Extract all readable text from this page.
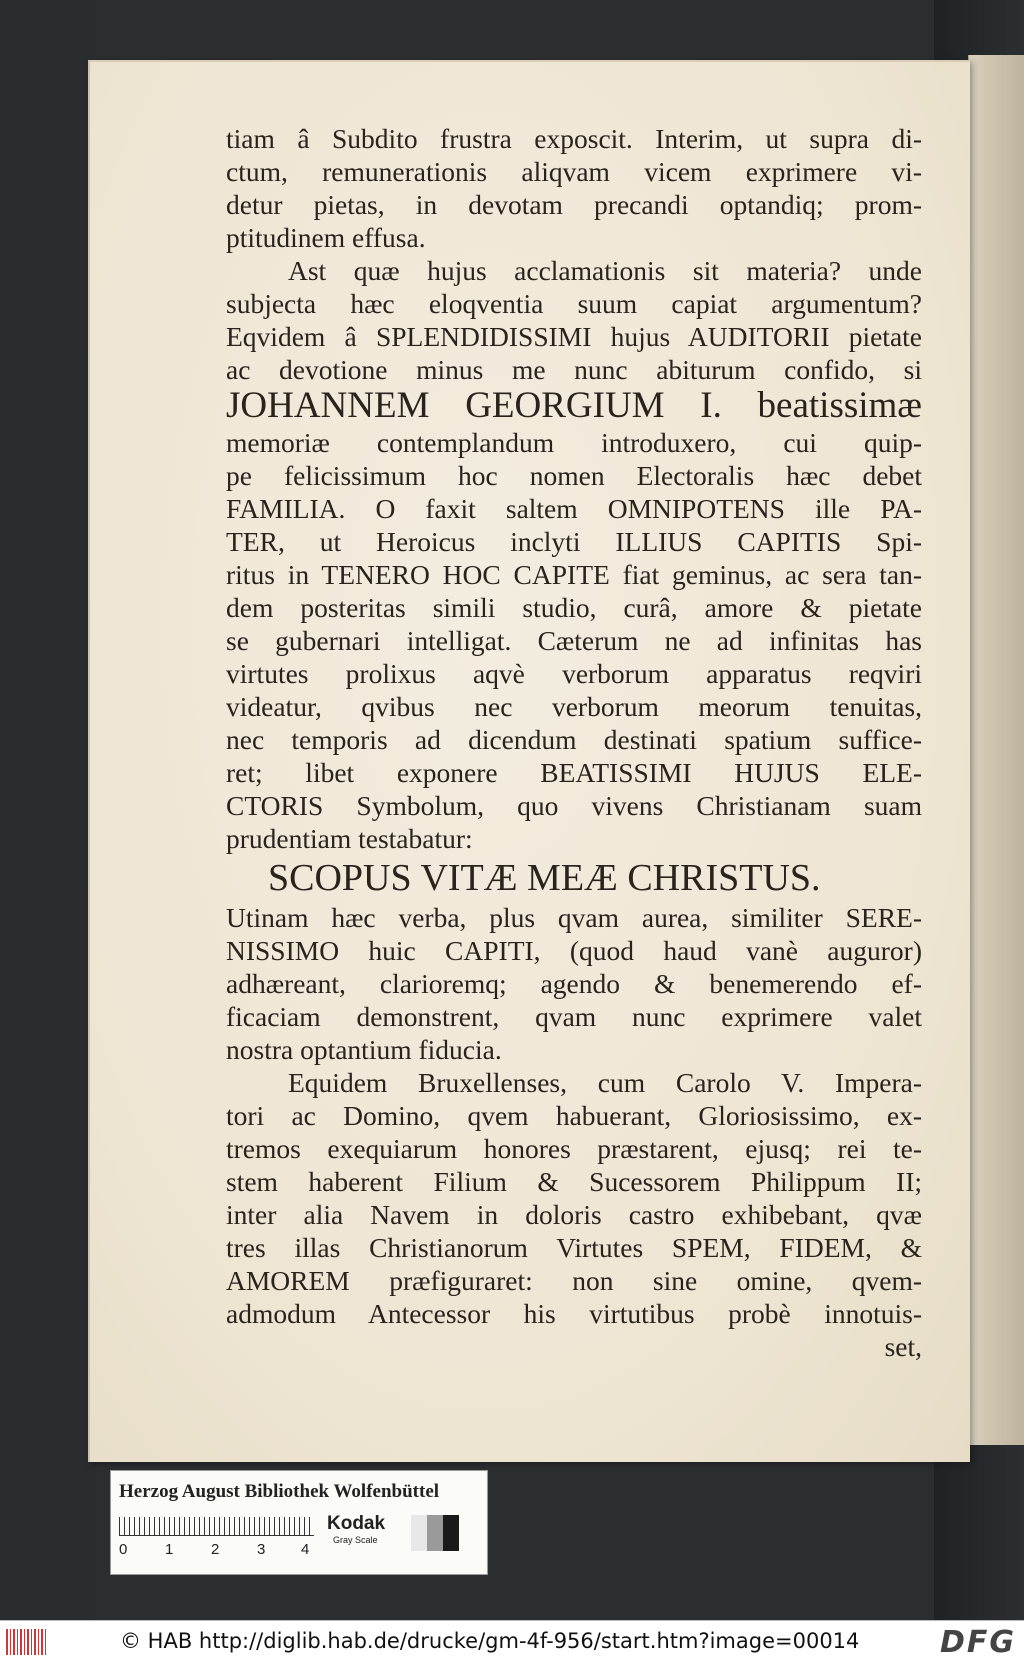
tiam â Subdito frustra exposcit. Interim, ut supra di-
ctum, remunerationis aliqvam vicem exprimere vi-
detur pietas, in devotam precandi optandiq; prom-
ptitudinem effusa.
Ast quæ hujus acclamationis sit materia? unde
subjecta hæc eloqventia suum capiat argumentum?
Eqvidem â SPLENDIDISSIMI hujus AUDITORII pietate
ac devotione minus me nunc abiturum confido, si
JOHANNEM GEORGIUM I. beatissimæ
memoriæ contemplandum introduxero, cui quip-
pe felicissimum hoc nomen Electoralis hæc debet
FAMILIA. O faxit saltem OMNIPOTENS ille PA-
TER, ut Heroicus inclyti ILLIUS CAPITIS Spi-
ritus in TENERO HOC CAPITE fiat geminus, ac sera tan-
dem posteritas simili studio, curâ, amore & pietate
se gubernari intelligat. Cæterum ne ad infinitas has
virtutes prolixus aqvè verborum apparatus reqviri
videatur, qvibus nec verborum meorum tenuitas,
nec temporis ad dicendum destinati spatium suffice-
ret; libet exponere BEATISSIMI HUJUS ELE-
CTORIS Symbolum, quo vivens Christianam suam
prudentiam testabatur:
SCOPUS VITÆ MEÆ CHRISTUS.
Utinam hæc verba, plus qvam aurea, similiter SERE-
NISSIMO huic CAPITI, (quod haud vanè auguror)
adhæreant, clarioremq; agendo & benemerendo ef-
ficaciam demonstrent, qvam nunc exprimere valet
nostra optantium fiducia.
Equidem Bruxellenses, cum Carolo V. Impera-
tori ac Domino, qvem habuerant, Gloriosissimo, ex-
tremos exequiarum honores præstarent, ejusq; rei te-
stem haberent Filium & Sucessorem Philippum II;
inter alia Navem in doloris castro exhibebant, qvæ
tres illas Christianorum Virtutes SPEM, FIDEM, &
AMOREM præfiguraret: non sine omine, qvem-
admodum Antecessor his virtutibus probè innotuis-
set,
Herzog August Bibliothek Wolfenbüttel
0	1	2	3 4
Kodak
Gray Scale
© HAB http://diglib.hab.de/drucke/gm-4f-956/start.htm?image=00014	DFG
